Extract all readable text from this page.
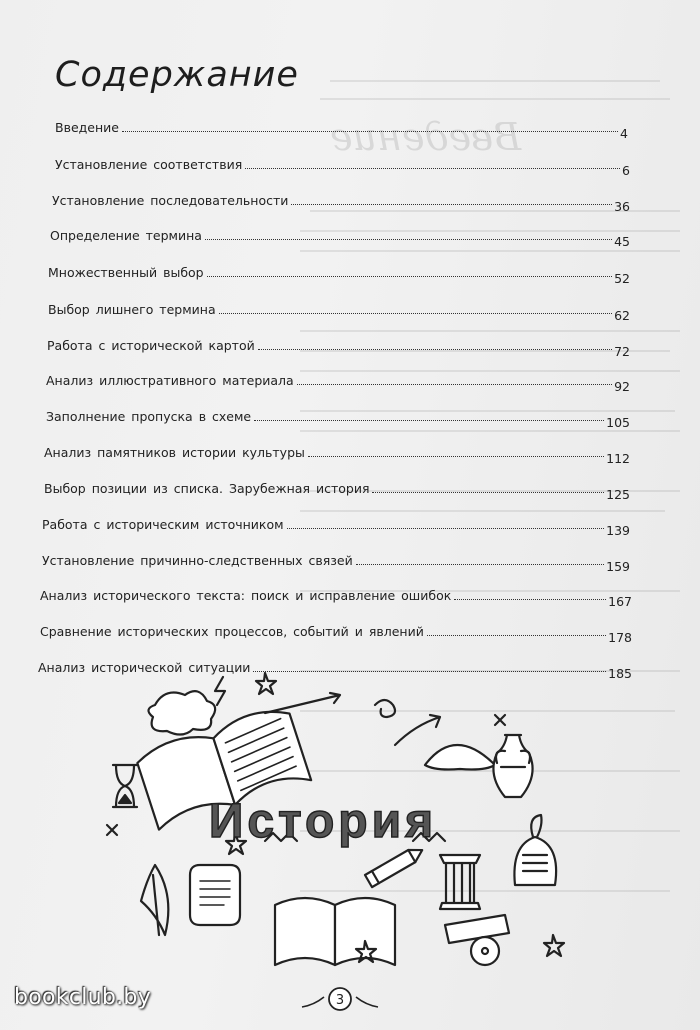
Введение
Содержание
Введение	4
Установление соответствия	6
Установление последовательности	36
Определение термина	45
Множественный выбор	52
Выбор лишнего термина	62
Работа с исторической картой	72
Анализ иллюстративного материала	92
Заполнение пропуска в схеме	105
Анализ памятников истории культуры	112
Выбор позиции из списка. Зарубежная история	125
Работа с историческим источником	139
Установление причинно-следственных связей	159
Анализ исторического текста: поиск и исправление ошибок	167
Сравнение исторических процессов, событий и явлений	178
Анализ исторической ситуации	185
История
3
bookclub.by
